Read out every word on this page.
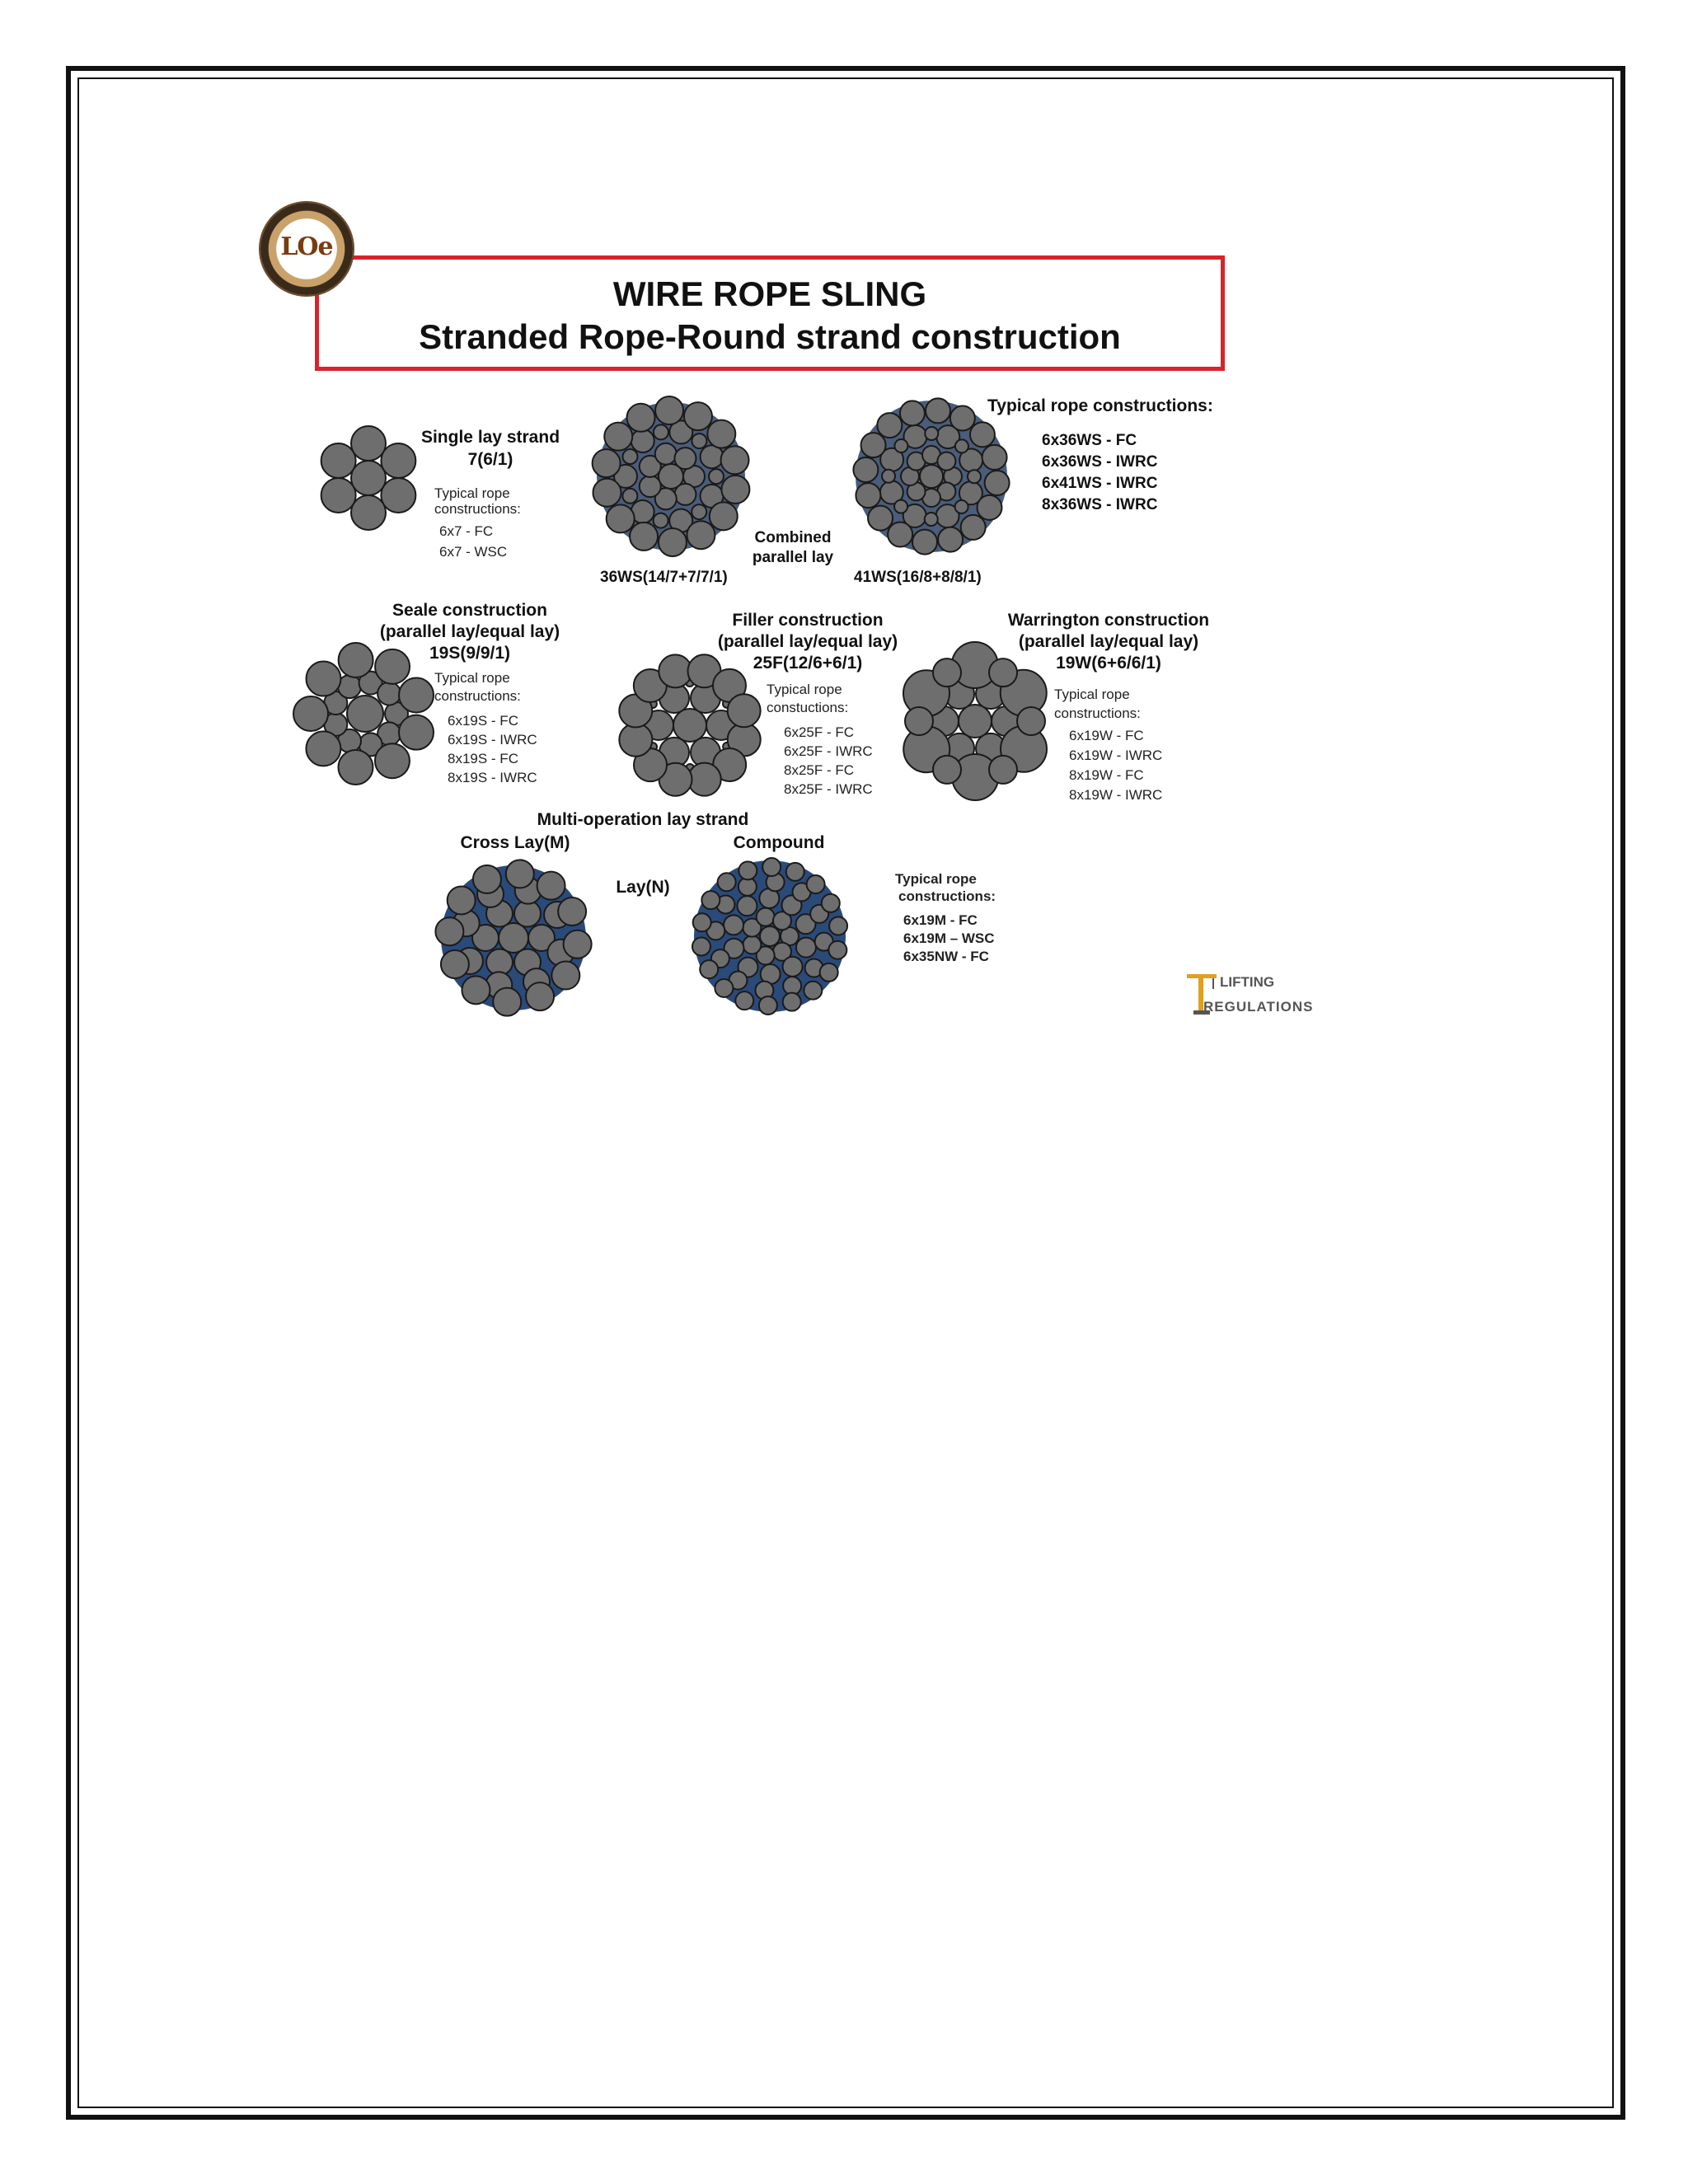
WIRE ROPE SLING
Stranded Rope-Round strand construction
LOe
Single lay strand
7(6/1)
Typical rope
constructions:
6x7 - FC
6x7 - WSC
36WS(14/7+7/7/1)
Combined
parallel lay
41WS(16/8+8/8/1)
Typical rope constructions:
6x36WS - FC
6x36WS - IWRC
6x41WS - IWRC
8x36WS - IWRC
Seale construction
(parallel lay/equal lay)
19S(9/9/1)
Typical rope
constructions:
6x19S - FC
6x19S - IWRC
8x19S - FC
8x19S - IWRC
Filler construction
(parallel lay/equal lay)
25F(12/6+6/1)
Typical rope
constuctions:
6x25F - FC
6x25F - IWRC
8x25F - FC
8x25F - IWRC
Warrington construction
(parallel lay/equal lay)
19W(6+6/6/1)
Typical rope
constructions:
6x19W - FC
6x19W - IWRC
8x19W - FC
8x19W - IWRC
Multi-operation lay strand
Cross Lay(M)	Compound
Lay(N)	Typical rope
constructions:
6x19M - FC
6x19M – WSC
6x35NW - FC
LIFTING
REGULATIONS
